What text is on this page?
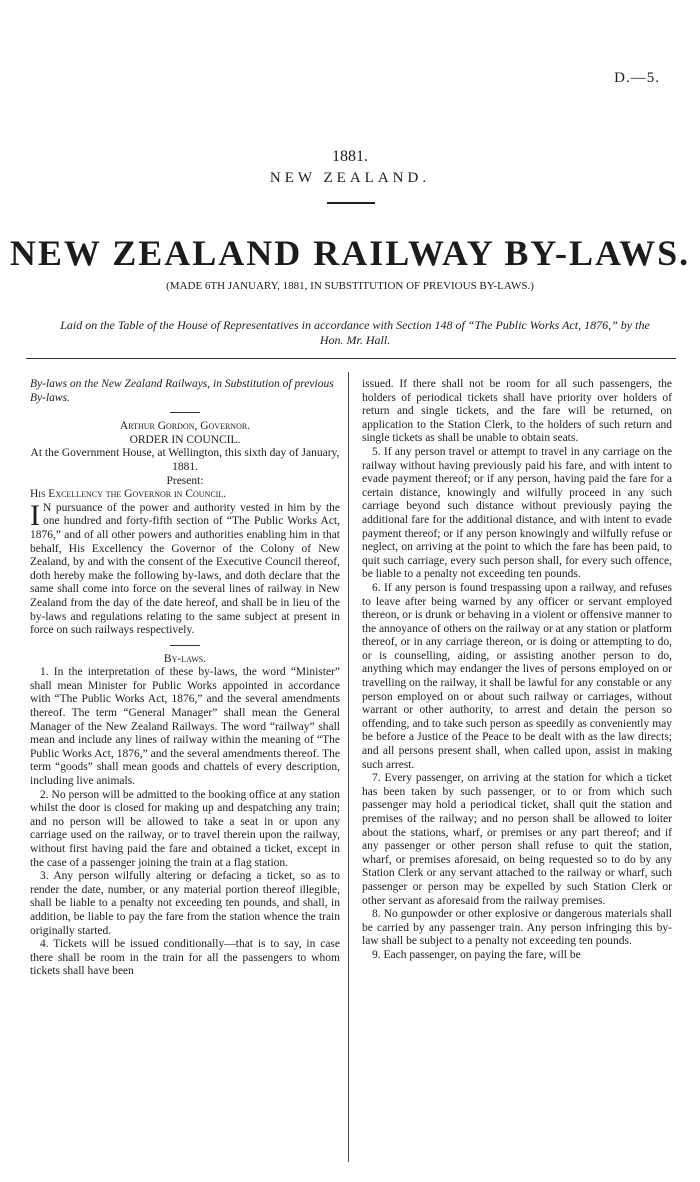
D.—5.
1881.
NEW ZEALAND.
NEW ZEALAND RAILWAY BY-LAWS.
(MADE 6TH JANUARY, 1881, IN SUBSTITUTION OF PREVIOUS BY-LAWS.)
Laid on the Table of the House of Representatives in accordance with Section 148 of “The Public Works Act, 1876,” by the Hon. Mr. Hall.

By-laws on the New Zealand Railways, in Substitution of previous By-laws.

Arthur Gordon, Governor.

ORDER IN COUNCIL.

At the Government House, at Wellington, this sixth day of January, 1881.

Present:

His Excellency the Governor in Council.

I N pursuance of the power and authority vested in him by the one hundred and forty-fifth section of “The Public Works Act, 1876,” and of all other powers and authorities enabling him in that behalf, His Excellency the Governor of the Colony of New Zealand, by and with the consent of the Executive Council thereof, doth hereby make the following by-laws, and doth declare that the same shall come into force on the several lines of railway in New Zealand from the day of the date hereof, and shall be in lieu of the by-laws and regulations relating to the same subject at present in force on such railways respectively.

By-laws.

1. In the interpretation of these by-laws, the word “Minister” shall mean Minister for Public Works appointed in accordance with “The Public Works Act, 1876,” and the several amendments thereof. The term “General Manager” shall mean the General Manager of the New Zealand Railways. The word “railway” shall mean and include any lines of railway within the meaning of “The Public Works Act, 1876,” and the several amendments thereof. The term “goods” shall mean goods and chattels of every description, including live animals.

2. No person will be admitted to the booking office at any station whilst the door is closed for making up and despatching any train; and no person will be allowed to take a seat in or upon any carriage used on the railway, or to travel therein upon the railway, without first having paid the fare and obtained a ticket, except in the case of a passenger joining the train at a flag station.

3. Any person wilfully altering or defacing a ticket, so as to render the date, number, or any material portion thereof illegible, shall be liable to a penalty not exceeding ten pounds, and shall, in addition, be liable to pay the fare from the station whence the train originally started.

4. Tickets will be issued conditionally—that is to say, in case there shall be room in the train for all the passengers to whom tickets shall have been

issued. If there shall not be room for all such passengers, the holders of periodical tickets shall have priority over holders of return and single tickets, and the fare will be returned, on application to the Station Clerk, to the holders of such return and single tickets as shall be unable to obtain seats.

5. If any person travel or attempt to travel in any carriage on the railway without having previously paid his fare, and with intent to evade payment thereof; or if any person, having paid the fare for a certain distance, knowingly and wilfully proceed in any such carriage beyond such distance without previously paying the additional fare for the additional distance, and with intent to evade payment thereof; or if any person knowingly and wilfully refuse or neglect, on arriving at the point to which the fare has been paid, to quit such carriage, every such person shall, for every such offence, be liable to a penalty not exceeding ten pounds.

6. If any person is found trespassing upon a railway, and refuses to leave after being warned by any officer or servant employed thereon, or is drunk or behaving in a violent or offensive manner to the annoyance of others on the railway or at any station or platform thereof, or in any carriage thereon, or is doing or attempting to do, or is counselling, aiding, or assisting another person to do, anything which may endanger the lives of persons employed on or travelling on the railway, it shall be lawful for any constable or any person employed on or about such railway or carriages, without warrant or other authority, to arrest and detain the person so offending, and to take such person as speedily as conveniently may be before a Justice of the Peace to be dealt with as the law directs; and all persons present shall, when called upon, assist in making such arrest.

7. Every passenger, on arriving at the station for which a ticket has been taken by such passenger, or to or from which such passenger may hold a periodical ticket, shall quit the station and premises of the railway; and no person shall be allowed to loiter about the stations, wharf, or premises or any part thereof; and if any passenger or other person shall refuse to quit the station, wharf, or premises aforesaid, on being requested so to do by any Station Clerk or any servant attached to the railway or wharf, such passenger or person may be expelled by such Station Clerk or other servant as aforesaid from the railway premises.

8. No gunpowder or other explosive or dangerous materials shall be carried by any passenger train. Any person infringing this by-law shall be subject to a penalty not exceeding ten pounds.

9. Each passenger, on paying the fare, will be
